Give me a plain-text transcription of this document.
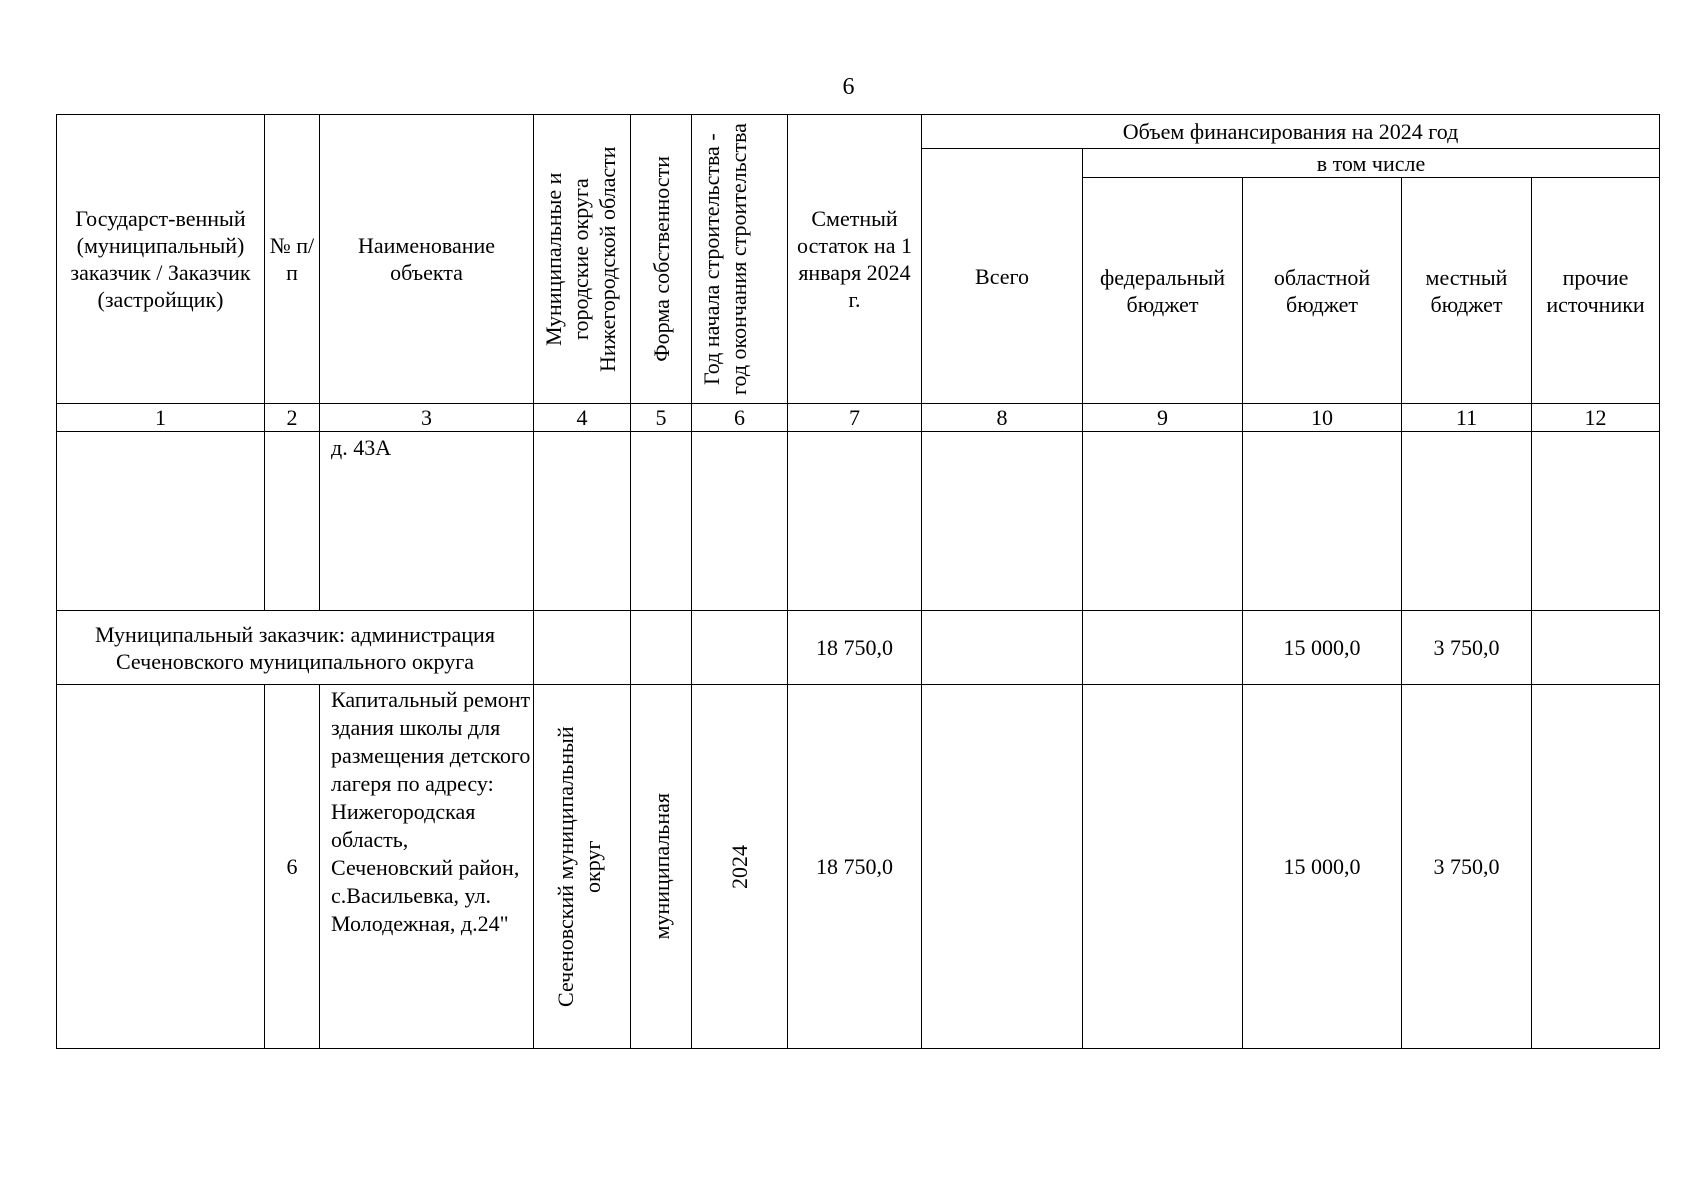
6
Государст-венный (муниципальный) заказчик / Заказчик (застройщик)	№ п/п	Наименование объекта	Муниципальные и городские округа Нижегородской области	Форма собственности	Год начала строительства - год окончания строительства	Сметный остаток на 1 января 2024 г.	Объем финансирования на 2024 год				
							Всего	в том числе			
								федеральный бюджет	областной бюджет	местный бюджет	прочие источники
1	2	3	4	5	6	7	8	9	10	11	12
		д. 43А									
Муниципальный заказчик: администрация Сеченовского муниципального округа						18 750,0			15 000,0	3 750,0	
	6	Капитальный ремонт здания школы для размещения детского лагеря по адресу: Нижегородская область, Сеченовский район, с.Васильевка, ул. Молодежная, д.24"	Сеченовский муниципальный округ	муниципальная	2024	18 750,0			15 000,0	3 750,0	
